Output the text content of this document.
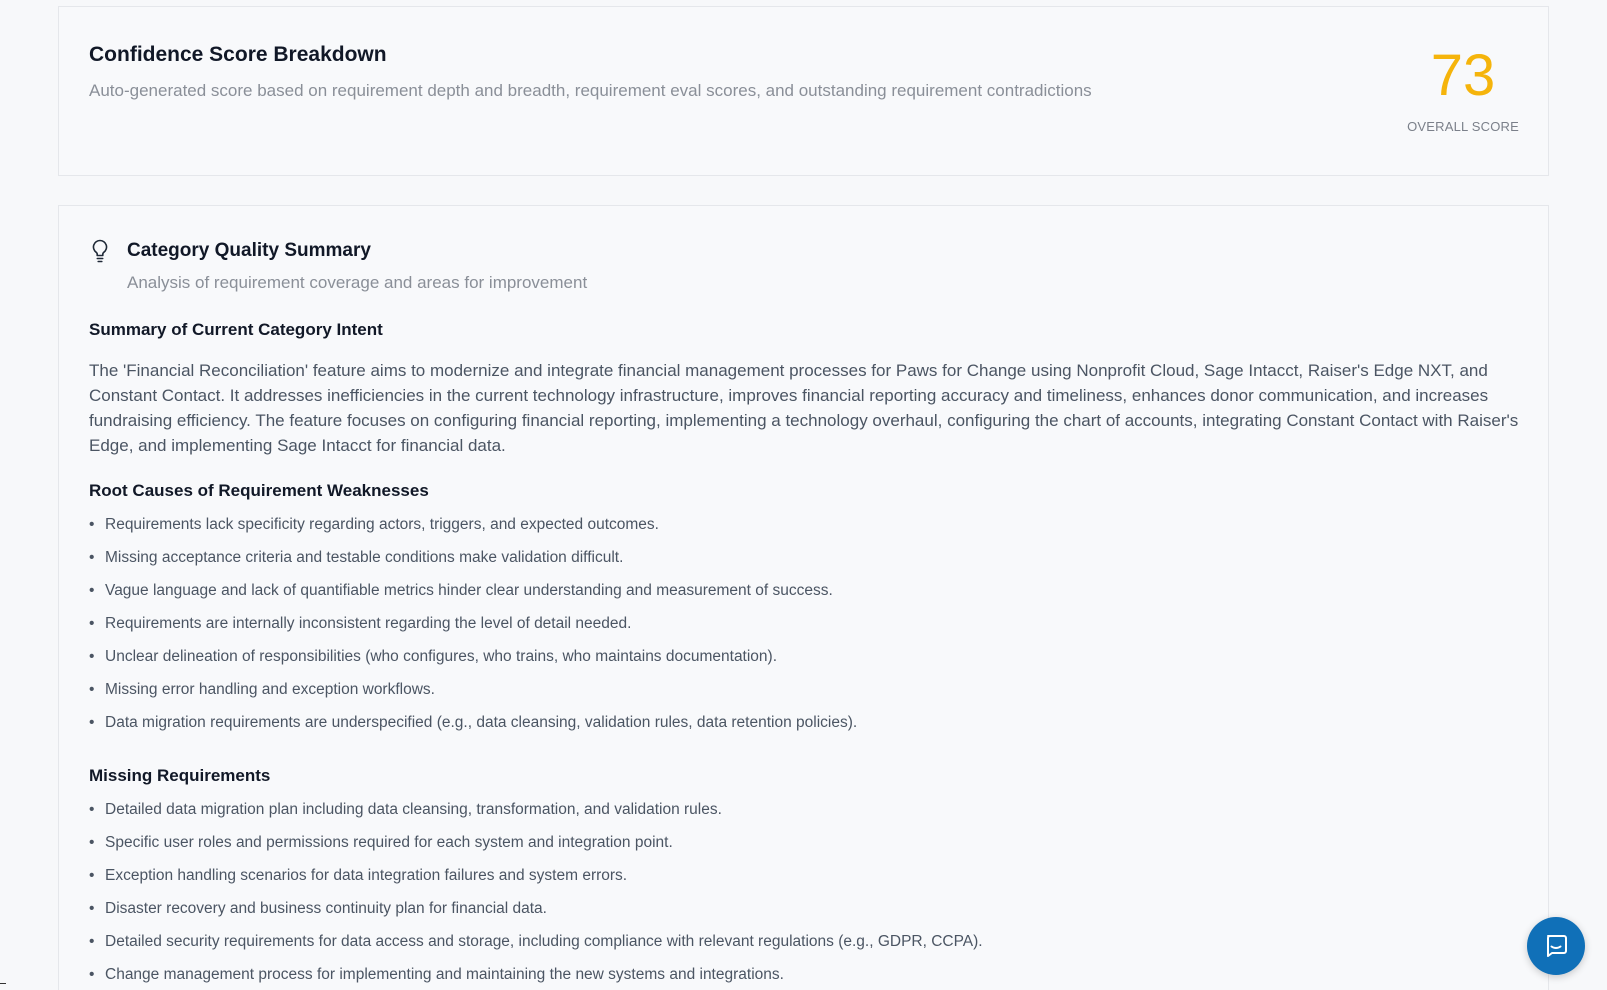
Confidence Score Breakdown

Auto-generated score based on requirement depth and breadth, requirement eval scores, and outstanding requirement contradictions	73
OVERALL SCORE
Category Quality Summary

Analysis of requirement coverage and areas for improvement

Summary of Current Category Intent

The 'Financial Reconciliation' feature aims to modernize and integrate financial management processes for Paws for Change using Nonprofit Cloud, Sage Intacct, Raiser's Edge NXT, and Constant Contact. It addresses inefficiencies in the current technology infrastructure, improves financial reporting accuracy and timeliness, enhances donor communication, and increases fundraising efficiency. The feature focuses on configuring financial reporting, implementing a technology overhaul, configuring the chart of accounts, integrating Constant Contact with Raiser's Edge, and implementing Sage Intacct for financial data.

Root Causes of Requirement Weaknesses
• Requirements lack specificity regarding actors, triggers, and expected outcomes.
• Missing acceptance criteria and testable conditions make validation difficult.
• Vague language and lack of quantifiable metrics hinder clear understanding and measurement of success.
• Requirements are internally inconsistent regarding the level of detail needed.
• Unclear delineation of responsibilities (who configures, who trains, who maintains documentation).
• Missing error handling and exception workflows.
• Data migration requirements are underspecified (e.g., data cleansing, validation rules, data retention policies).
Missing Requirements
• Detailed data migration plan including data cleansing, transformation, and validation rules.
• Specific user roles and permissions required for each system and integration point.
• Exception handling scenarios for data integration failures and system errors.
• Disaster recovery and business continuity plan for financial data.
• Detailed security requirements for data access and storage, including compliance with relevant regulations (e.g., GDPR, CCPA).
• Change management process for implementing and maintaining the new systems and integrations.
